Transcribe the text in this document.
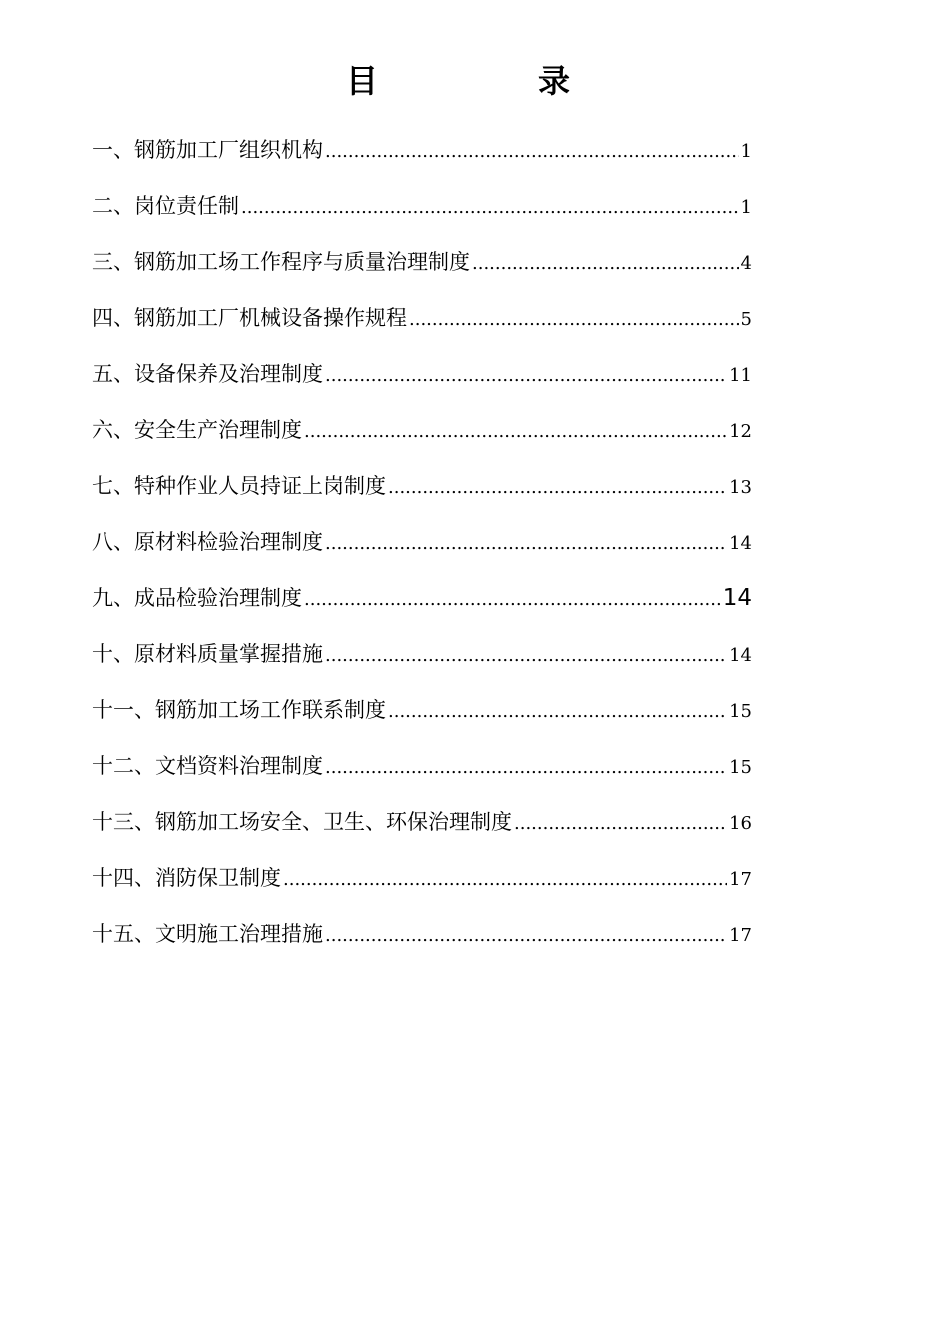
目　录
一、钢筋加工厂组织机构 .....	1
二、岗位责任制 .....	1
三、钢筋加工场工作程序与质量治理制度 .....	4
四、钢筋加工厂机械设备操作规程 .....	5
五、设备保养及治理制度 .....	11
六、安全生产治理制度 .....	12
七、特种作业人员持证上岗制度 .....	13
八、原材料检验治理制度 .....	14
九、成品检验治理制度 .....	14
十、原材料质量掌握措施 .....	14
十一、钢筋加工场工作联系制度 .....	15
十二、文档资料治理制度 .....	15
十三、钢筋加工场安全、卫生、环保治理制度 .....	16
十四、消防保卫制度 .....	17
十五、文明施工治理措施 .....	17
